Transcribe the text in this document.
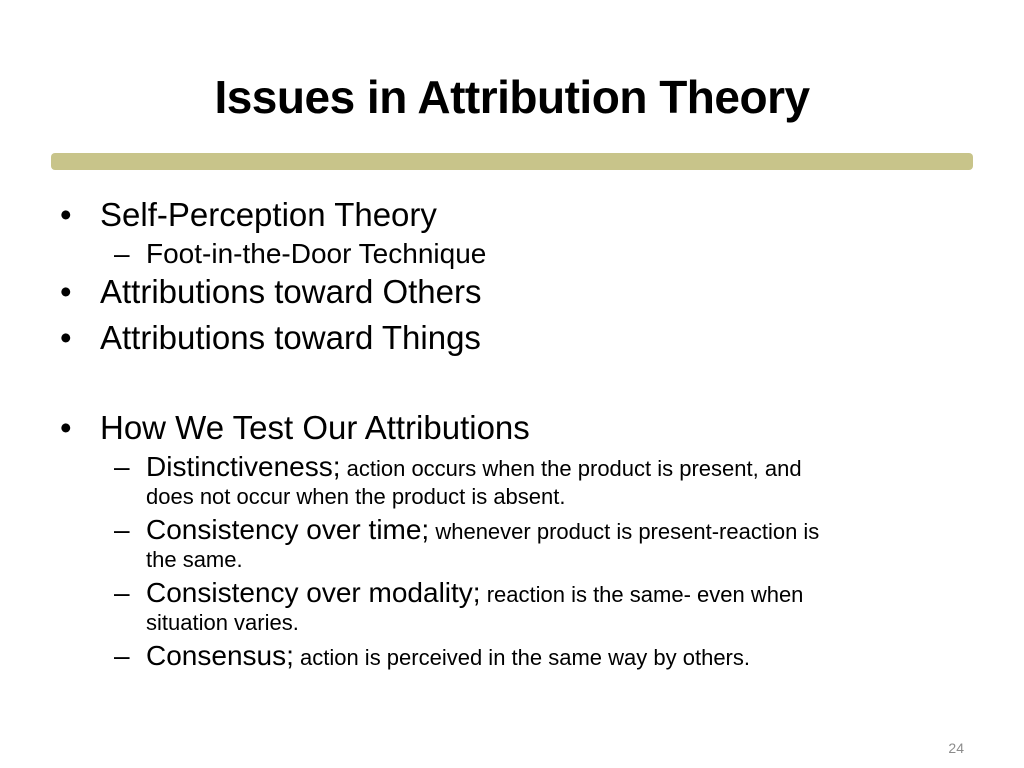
Issues in Attribution Theory
• Self-Perception Theory
– Foot-in-the-Door Technique
• Attributions toward Others
• Attributions toward Things
• How We Test Our Attributions
– Distinctiveness; action occurs when the product is present, and
does not occur when the product is absent.
– Consistency over time; whenever product is present-reaction is
the same.
– Consistency over modality; reaction is the same- even when
situation varies.
– Consensus; action is perceived in the same way by others.
24
